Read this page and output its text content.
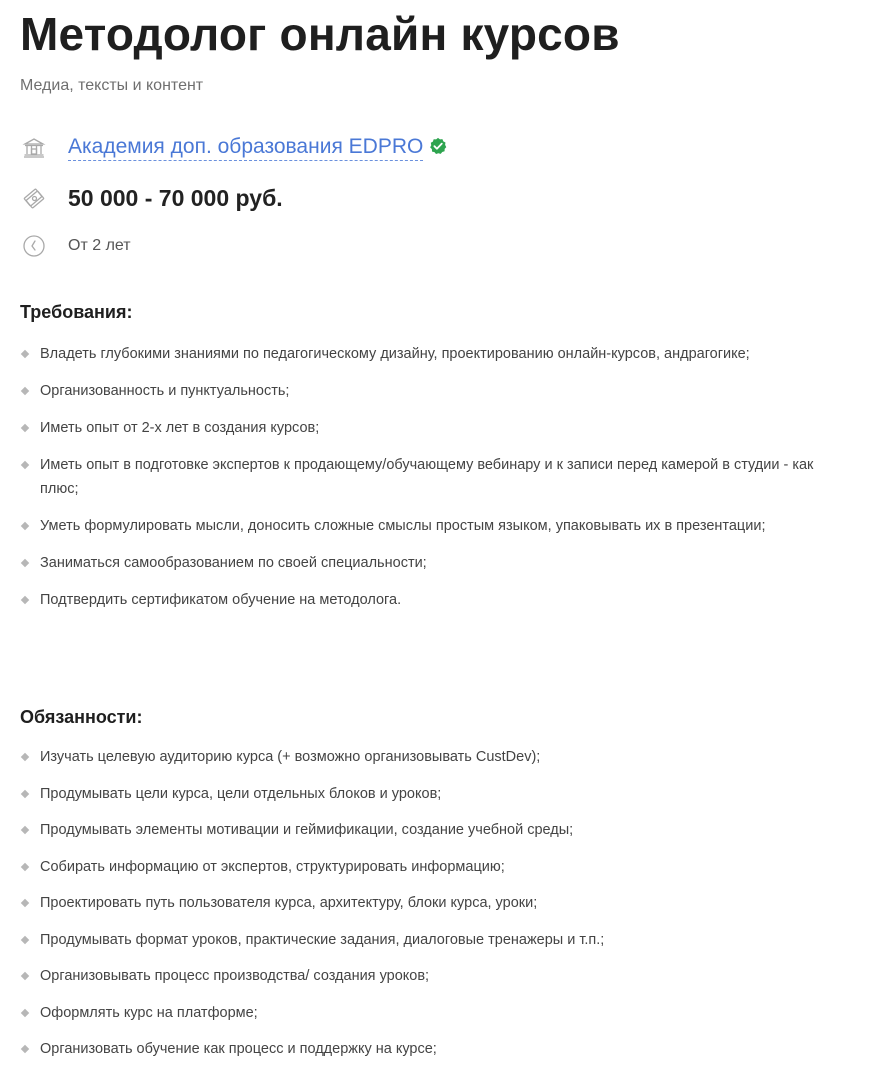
Методолог онлайн курсов
Медиа, тексты и контент
Академия доп. образования EDPRO
50 000 - 70 000 руб.
От 2 лет
Требования:
Владеть глубокими знаниями по педагогическому дизайну, проектированию онлайн-курсов, андрагогике;
Организованность и пунктуальность;
Иметь опыт от 2-х лет в создания курсов;
Иметь опыт в подготовке экспертов к продающему/обучающему вебинару и к записи перед камерой в студии - как плюс;
Уметь формулировать мысли, доносить сложные смыслы простым языком, упаковывать их в презентации;
Заниматься самообразованием по своей специальности;
Подтвердить сертификатом обучение на методолога.
Обязанности:
Изучать целевую аудиторию курса (+ возможно организовывать CustDev);
Продумывать цели курса, цели отдельных блоков и уроков;
Продумывать элементы мотивации и геймификации, создание учебной среды;
Собирать информацию от экспертов, структурировать информацию;
Проектировать путь пользователя курса, архитектуру, блоки курса, уроки;
Продумывать формат уроков, практические задания, диалоговые тренажеры и т.п.;
Организовывать процесс производства/ создания уроков;
Оформлять курс на платформе;
Организовать обучение как процесс и поддержку на курсе;
